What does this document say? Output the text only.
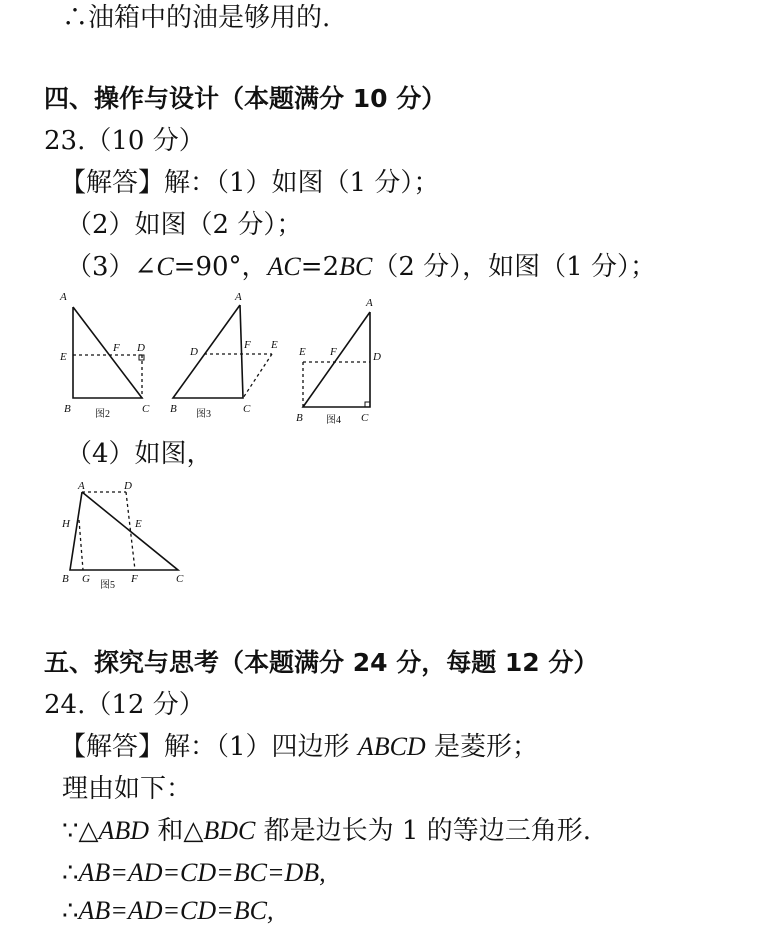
∴油箱中的油是够用的.
四、操作与设计（本题满分 10 分）
23.（10 分）
【解答】解：（1）如图（1 分）；
（2）如图（2 分）；
（3）∠C=90°，AC=2BC（2 分），如图（1 分）；
A
E
F D
B	C
图2
A
D
F E
B	C
图3
A
E F	D
B	C
图4
A	D
H	E
B G	F	C
图5
（4）如图，
五、探究与思考（本题满分 24 分，每题 12 分）
24.（12 分）
【解答】解：（1）四边形 ABCD 是菱形；
理由如下：
∵△ABD 和△BDC 都是边长为 1 的等边三角形.
∴AB=AD=CD=BC=DB,
∴AB=AD=CD=BC,
